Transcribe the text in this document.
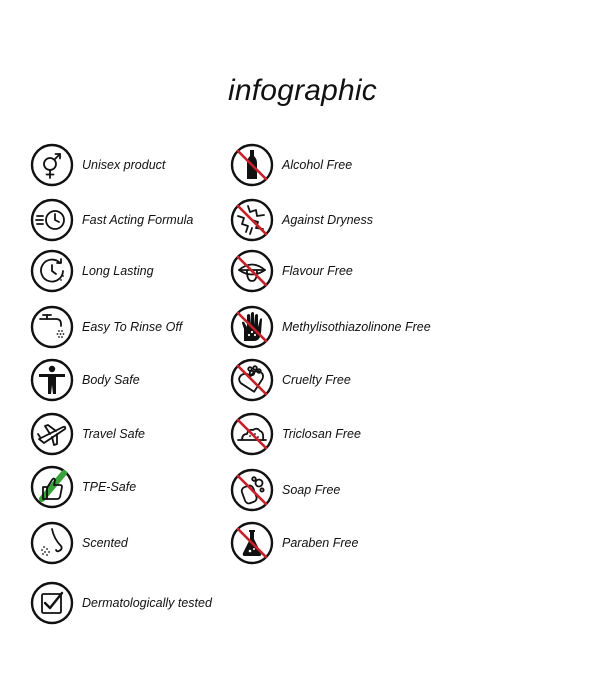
infographic
Unisex product
Fast Acting Formula
Long Lasting
Easy To Rinse Off
Body Safe
Travel Safe
TPE-Safe
Scented
Dermatologically tested
Alcohol Free
Against Dryness
Flavour Free
Methylisothiazolinone Free
Cruelty Free
Triclosan Free
Soap Free
Paraben Free
